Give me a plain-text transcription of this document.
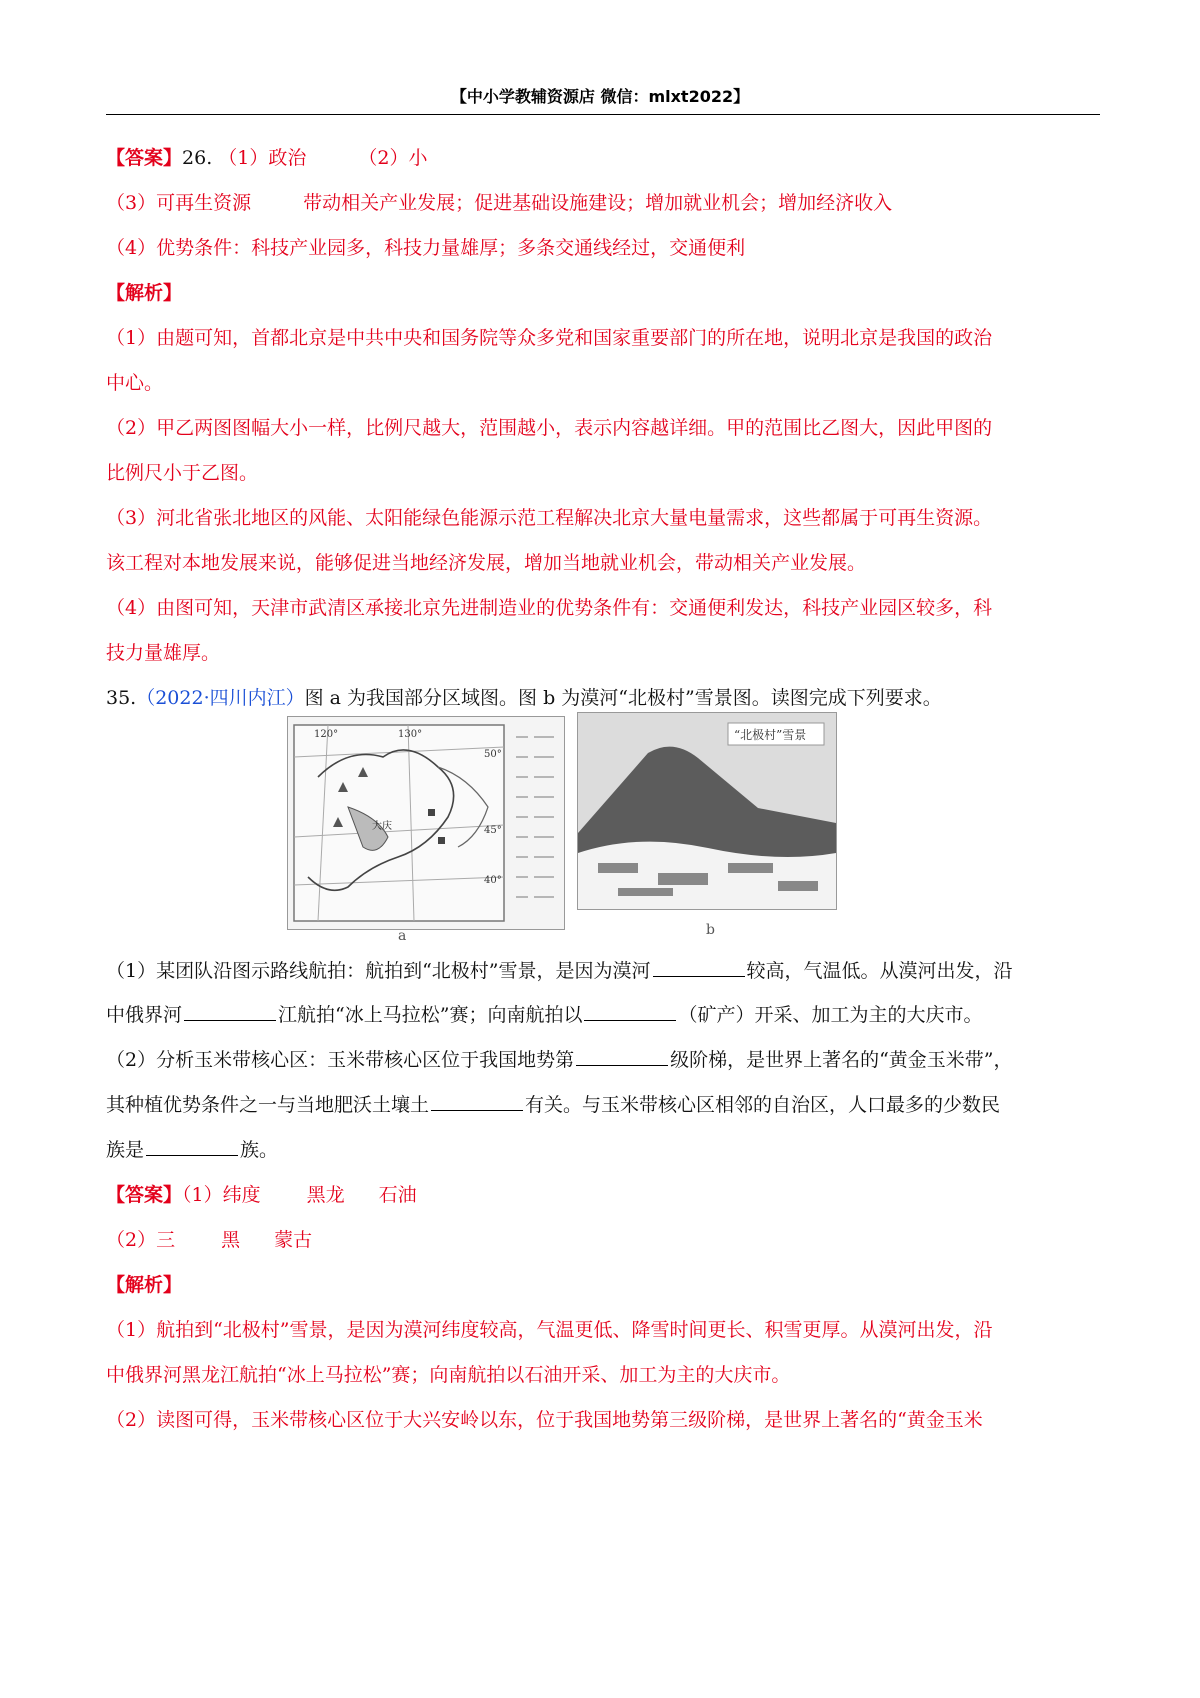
【中小学教辅资源店 微信：mlxt2022】
【答案】26. （1）政治	（2）小
（3）可再生资源	带动相关产业发展；促进基础设施建设；增加就业机会；增加经济收入
（4）优势条件：科技产业园多，科技力量雄厚；多条交通线经过，交通便利
【解析】
（1）由题可知，首都北京是中共中央和国务院等众多党和国家重要部门的所在地，说明北京是我国的政治
中心。
（2）甲乙两图图幅大小一样，比例尺越大，范围越小，表示内容越详细。甲的范围比乙图大，因此甲图的
比例尺小于乙图。
（3）河北省张北地区的风能、太阳能绿色能源示范工程解决北京大量电量需求，这些都属于可再生资源。
该工程对本地发展来说，能够促进当地经济发展，增加当地就业机会，带动相关产业发展。
（4）由图可知，天津市武清区承接北京先进制造业的优势条件有：交通便利发达，科技产业园区较多，科
技力量雄厚。
35.（2022·四川内江）图 a 为我国部分区域图。图 b 为漠河“北极村”雪景图。读图完成下列要求。
120°	130°
50°
45°
40°
大庆
a
“北极村”雪景
b
（1）某团队沿图示路线航拍：航拍到“北极村”雪景，是因为漠河	较高，气温低。从漠河出发，沿
中俄界河	江航拍“冰上马拉松”赛；向南航拍以	（矿产）开采、加工为主的大庆市。
（2）分析玉米带核心区：玉米带核心区位于我国地势第	级阶梯，是世界上著名的“黄金玉米带”，
其种植优势条件之一与当地肥沃土壤土	有关。与玉米带核心区相邻的自治区，人口最多的少数民
族是	族。
【答案】（1）纬度 黑龙 石油
（2）三 黑 蒙古
【解析】
（1）航拍到“北极村”雪景，是因为漠河纬度较高，气温更低、降雪时间更长、积雪更厚。从漠河出发，沿
中俄界河黑龙江航拍“冰上马拉松”赛；向南航拍以石油开采、加工为主的大庆市。
（2）读图可得，玉米带核心区位于大兴安岭以东，位于我国地势第三级阶梯，是世界上著名的“黄金玉米
